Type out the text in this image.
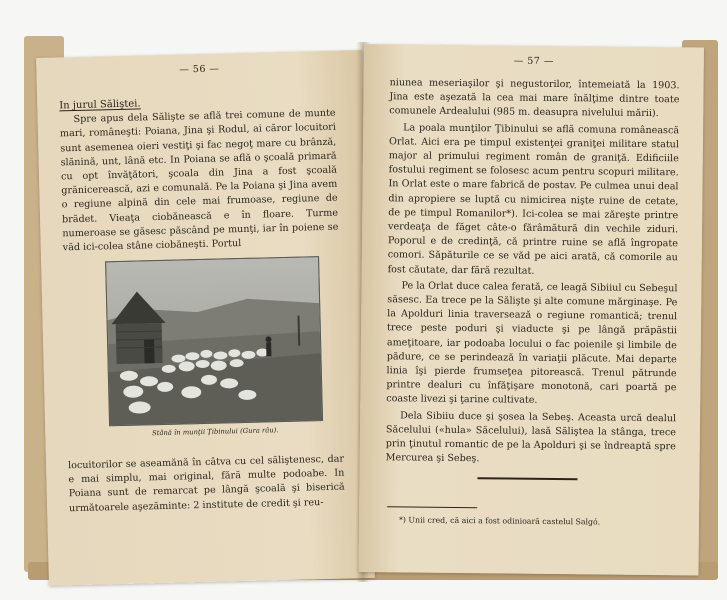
— 56 —

In jurul Săliştei.

Spre apus dela Sălişte se află trei comune de munte mari, româneşti: Poiana, Jina şi Rodul, ai căror locuitori sunt asemenea oieri vestiţi şi fac negoţ mare cu brânză, slănină, unt, lână etc. In Poiana se află o şcoală primară cu opt învăţători, şcoala din Jina a fost şcoală grănicerească, azi e comunală. Pe la Poiana şi Jina avem o regiune alpină din cele mai frumoase, regiune de brădet. Vieaţa ciobănească e în floare. Turme numeroase se găsesc păscând pe munţi, iar în poiene se văd ici-colea stâne ciobăneşti. Portul

Stână în munţii Ţibinului (Gura râu).

locuitorilor se aseamănă în câtva cu cel săliştenesc, dar e mai simplu, mai original, fără multe podoabe. In Poiana sunt de remarcat pe lângă şcoală şi biserică următoarele aşezăminte: 2 institute de credit şi reu-

— 57 —

niunea meseriaşilor şi negustorilor, întemeiată la 1903. Jina este aşezată la cea mai mare înălţime dintre toate comunele Ardealului (985 m. deasupra nivelului mării).

La poala munţilor Ţibinului se află comuna românească Orlat. Aici era pe timpul existenţei graniţei militare statul major al primului regiment român de graniţă. Edificiile fostului regiment se folosesc acum pentru scopuri militare. In Orlat este o mare fabrică de postav. Pe culmea unui deal din apropiere se luptă cu nimicirea nişte ruine de cetate, de pe timpul Romanilor*). Ici-colea se mai zăreşte printre verdeaţa de făget câte-o fărâmătură din vechile ziduri. Poporul e de credinţă, că printre ruine se află îngropate comori. Săpăturile ce se văd pe aici arată, că comorile au fost căutate, dar fără rezultat.

Pe la Orlat duce calea ferată, ce leagă Sibiiul cu Sebeşul săsesc. Ea trece pe la Sălişte şi alte comune mărginaşe. Pe la Apolduri linia traversează o regiune romantică; trenul trece peste poduri şi viaducte şi pe lângă prăpăstii ameţitoare, iar podoaba locului o fac poienile şi limbile de pădure, ce se perindează în variaţii plăcute. Mai departe linia îşi pierde frumseţea pitorească. Trenul pătrunde printre dealuri cu înfăţişare monotonă, cari poartă pe coaste livezi şi ţarine cultivate.

Dela Sibiiu duce şi şosea la Sebeş. Aceasta urcă dealul Săcelului («hula» Săcelului), lasă Săliştea la stânga, trece prin ţinutul romantic de pe la Apolduri şi se îndreaptă spre Mercurea şi Sebeş.

*) Unii cred, că aici a fost odinioară castelul Salgó.
